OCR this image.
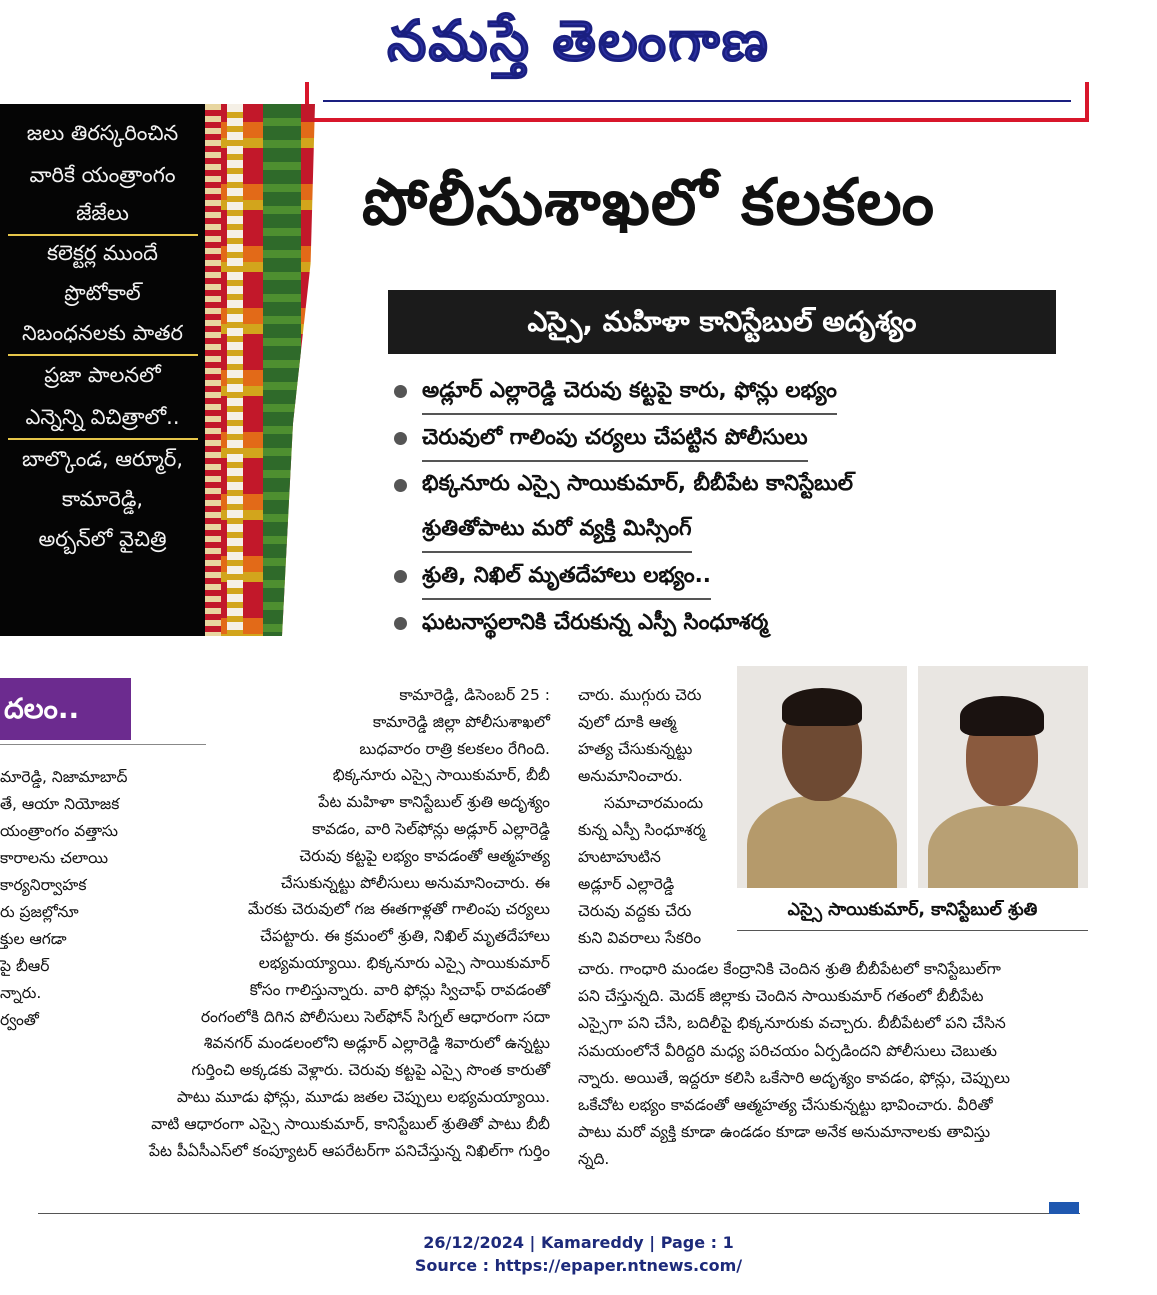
నమస్తే తెలంగాణ
జలు తిరస్కరించిన
వారికే యంత్రాంగం
జేజేలు
కలెక్టర్ల ముందే
ప్రొటోకాల్
నిబంధనలకు పాతర
ప్రజా పాలనలో
ఎన్నెన్ని విచిత్రాలో..
బాల్కొండ, ఆర్మూర్,
కామారెడ్డి,
అర్బన్‌లో వైచిత్రి
పోలీసుశాఖలో కలకలం
ఎస్సై, మహిళా కానిస్టేబుల్ అదృశ్యం
అడ్లూర్ ఎల్లారెడ్డి చెరువు కట్టపై కారు, ఫోన్లు లభ్యం
చెరువులో గాలింపు చర్యలు చేపట్టిన పోలీసులు
భిక్కనూరు ఎస్సై సాయికుమార్, బీబీపేట కానిస్టేబుల్
శ్రుతితోపాటు మరో వ్యక్తి మిస్సింగ్
శ్రుతి, నిఖిల్ మృతదేహాలు లభ్యం..
ఘటనాస్థలానికి చేరుకున్న ఎస్పీ సింధూశర్మ
దలం..
మారెడ్డి, నిజామాబాద్
తే, ఆయా నియోజక
యంత్రాంగం వత్తాసు
కారాలను చలాయి
కార్యనిర్వాహక
రు ప్రజల్లోనూ
క్తుల ఆగడా
పై బీఆర్
న్నారు.
ర్వంతో
కామారెడ్డి, డిసెంబర్ 25 :
కామారెడ్డి జిల్లా పోలీసుశాఖలో
బుధవారం రాత్రి కలకలం రేగింది.
భిక్కనూరు ఎస్సై సాయికుమార్, బీబీ
పేట మహిళా కానిస్టేబుల్ శ్రుతి అదృశ్యం
కావడం, వారి సెల్‌ఫోన్లు అడ్లూర్ ఎల్లారెడ్డి
చెరువు కట్టపై లభ్యం కావడంతో ఆత్మహత్య
చేసుకున్నట్టు పోలీసులు అనుమానించారు. ఈ
మేరకు చెరువులో గజ ఈతగాళ్లతో గాలింపు చర్యలు
చేపట్టారు. ఈ క్రమంలో శ్రుతి, నిఖిల్ మృతదేహాలు
లభ్యమయ్యాయి. భిక్కనూరు ఎస్సై సాయికుమార్
కోసం గాలిస్తున్నారు. వారి ఫోన్లు స్విచాఫ్ రావడంతో
రంగంలోకి దిగిన పోలీసులు సెల్‌ఫోన్ సిగ్నల్ ఆధారంగా సదా
శివనగర్ మండలంలోని అడ్లూర్ ఎల్లారెడ్డి శివారులో ఉన్నట్టు
గుర్తించి అక్కడకు వెళ్లారు. చెరువు కట్టపై ఎస్సై సొంత కారుతో
పాటు మూడు ఫోన్లు, మూడు జతల చెప్పులు లభ్యమయ్యాయి.
వాటి ఆధారంగా ఎస్సై సాయికుమార్, కానిస్టేబుల్ శ్రుతితో పాటు బీబీ
పేట పీఏసీఎస్‌లో కంప్యూటర్ ఆపరేటర్‌గా పనిచేస్తున్న నిఖిల్‌గా గుర్తిం
చారు. ముగ్గురు చెరు
వులో దూకి ఆత్మ
హత్య చేసుకున్నట్టు
అనుమానించారు.
సమాచారమందు
కున్న ఎస్పీ సింధూశర్మ
హుటాహుటిన
అడ్లూర్ ఎల్లారెడ్డి
చెరువు వద్దకు చేరు
కుని వివరాలు సేకరిం
ఎస్సై సాయికుమార్, కానిస్టేబుల్ శ్రుతి
చారు. గాంధారి మండల కేంద్రానికి చెందిన శ్రుతి బీబీపేటలో కానిస్టేబుల్‌గా
పని చేస్తున్నది. మెదక్ జిల్లాకు చెందిన సాయికుమార్ గతంలో బీబీపేట
ఎస్సైగా పని చేసి, బదిలీపై భిక్కనూరుకు వచ్చారు. బీబీపేటలో పని చేసిన
సమయంలోనే వీరిద్దరి మధ్య పరిచయం ఏర్పడిందని పోలీసులు చెబుతు
న్నారు. అయితే, ఇద్దరూ కలిసి ఒకేసారి అదృశ్యం కావడం, ఫోన్లు, చెప్పులు
ఒకేచోట లభ్యం కావడంతో ఆత్మహత్య చేసుకున్నట్టు భావించారు. వీరితో
పాటు మరో వ్యక్తి కూడా ఉండడం కూడా అనేక అనుమానాలకు తావిస్తు
న్నది.
26/12/2024 | Kamareddy | Page : 1
Source : https://epaper.ntnews.com/
